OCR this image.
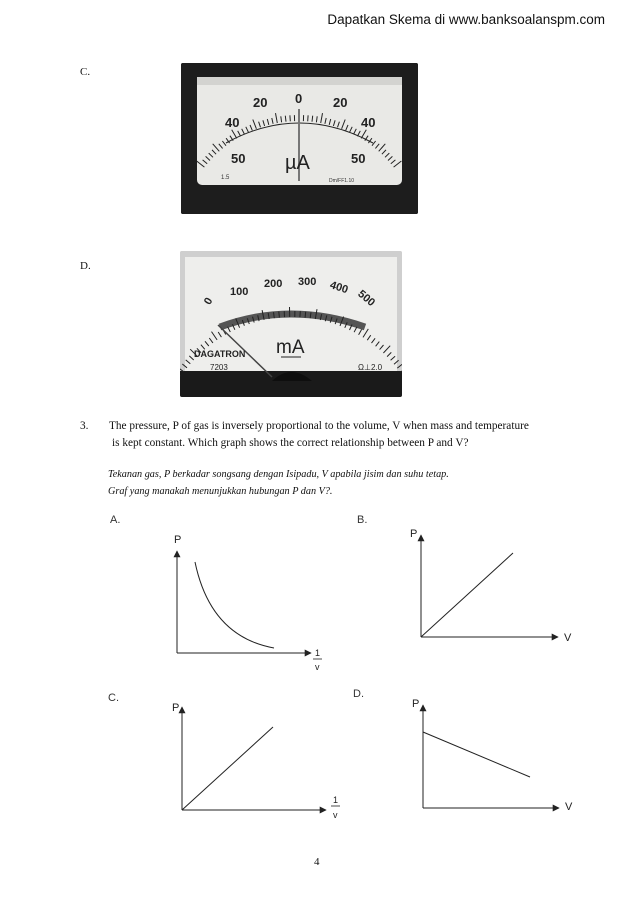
Dapatkan Skema di www.banksoalanspm.com
C.
40
20 0 20
40
50	50
µA
1.5	Dm/FF1.10
D.
0
100
200 300 400
500
mA
DAGATRON
7203	Ω⊥2.0
3. The pressure, P of gas is inversely proportional to the volume, V when mass and temperature
is kept constant. Which graph shows the correct relationship between P and V?
Tekanan gas, P berkadar songsang dengan Isipadu, V apabila jisim dan suhu tetap.
Graf yang manakah menunjukkan hubungan P dan V?.
A.	B.
C.	D.
P
1
v
P
V
P
1
v
P
V
4
